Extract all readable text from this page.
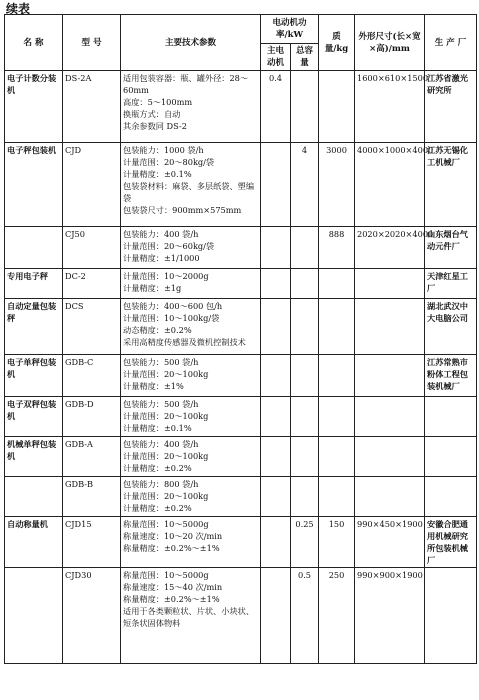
续表
名 称	型 号	主要技术参数	电动机功率/kW		质量/kg	外形尺寸(长×宽×高)/mm	生 产 厂
			主电动机	总容量			
电子计数分装机	DS-2A	适用包装容器：瓶、罐外径：28～60mm
高度：5～100mm
换瓶方式：自动
其余参数同 DS-2	0.4			1600×610×1500	江苏省激光研究所
电子秤包装机	CJD	包装能力：1000 袋/h
计量范围：20～80kg/袋
计量精度：±0.1%
包装袋材料：麻袋、多层纸袋、塑编袋
包装袋尺寸：900mm×575mm		4	3000	4000×1000×4000	江苏无锡化工机械厂
	CJ50	包装能力：400 袋/h
计量范围：20～60kg/袋
计量精度：±1/1000			888	2020×2020×4000	山东烟台气动元件厂
专用电子秤	DC-2	计量范围：10～2000g
计量精度：±1g					天津红星工厂
自动定量包装秤	DCS	包装能力：400～600 包/h
计量范围：10～100kg/袋
动态精度：±0.2%
采用高精度传感器及微机控制技术					湖北武汉中大电脑公司
电子单秤包装机	GDB-C	包装能力：500 袋/h
计量范围：20～100kg
计量精度：±1%					江苏常熟市粉体工程包装机械厂
电子双秤包装机	GDB-D	包装能力：500 袋/h
计量范围：20～100kg
计量精度：±0.1%					

机械单秤包装机	GDB-A	包装能力：400 袋/h
计量范围：20～100kg
计量精度：±0.2%					

	GDB-B	包装能力：800 袋/h
计量范围：20～100kg
计量精度：±0.2%					

自动称量机	CJD15	称量范围：10～5000g
称量速度：10～20 次/min
称量精度：±0.2%～±1%		0.25	150	990×450×1900	安徽合肥通用机械研究所包装机械厂
	CJD30	称量范围：10～5000g
称量速度：15～40 次/min
称量精度：±0.2%～±1%
适用于各类颗粒状、片状、小块状、短条状固体物料		0.5	250	990×900×1900	
